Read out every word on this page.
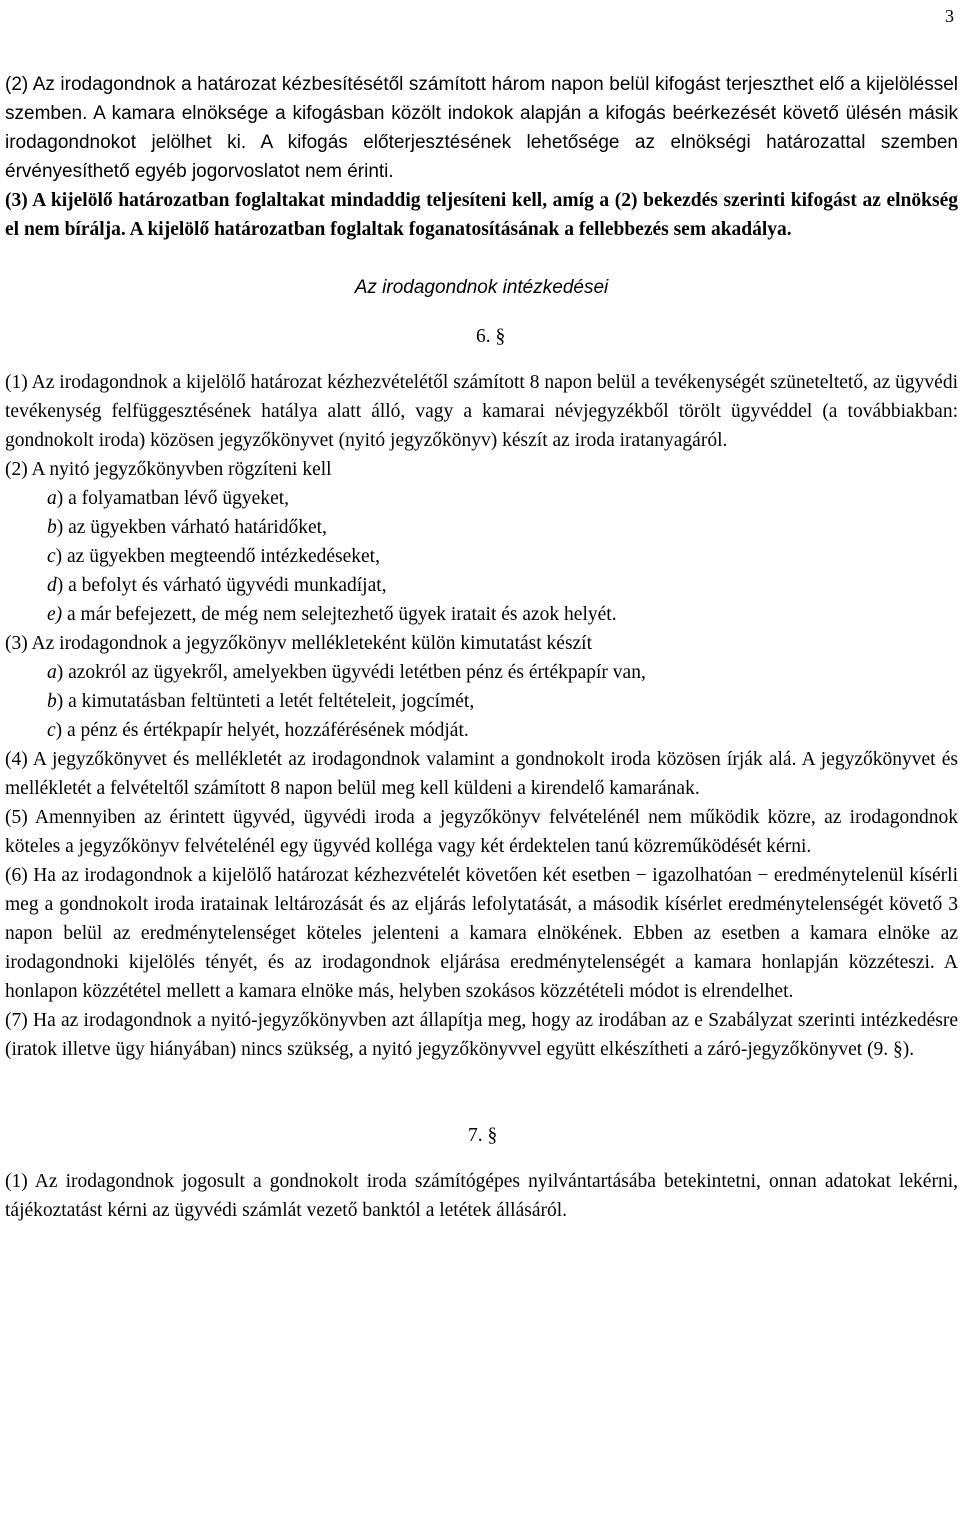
3

(2) Az irodagondnok a határozat kézbesítésétől számított három napon belül kifogást terjeszthet elő a kijelöléssel szemben. A kamara elnöksége a kifogásban közölt indokok alapján a kifogás beérkezését követő ülésén másik irodagondnokot jelölhet ki. A kifogás előterjesztésének lehetősége az elnökségi határozattal szemben érvényesíthető egyéb jogorvoslatot nem érinti.

(3) A kijelölő határozatban foglaltakat mindaddig teljesíteni kell, amíg a (2) bekezdés szerinti kifogást az elnökség el nem bírálja. A kijelölő határozatban foglaltak foganatosításának a fellebbezés sem akadálya.

Az irodagondnok intézkedései

6. §

(1) Az irodagondnok a kijelölő határozat kézhezvételétől számított 8 napon belül a tevékenységét szüneteltető, az ügyvédi tevékenység felfüggesztésének hatálya alatt álló, vagy a kamarai névjegyzékből törölt ügyvéddel (a továbbiakban: gondnokolt iroda) közösen jegyzőkönyvet (nyitó jegyzőkönyv) készít az iroda iratanyagáról.

(2) A nyitó jegyzőkönyvben rögzíteni kell

a) a folyamatban lévő ügyeket,

b) az ügyekben várható határidőket,

c) az ügyekben megteendő intézkedéseket,

d) a befolyt és várható ügyvédi munkadíjat,

e) a már befejezett, de még nem selejtezhető ügyek iratait és azok helyét.

(3) Az irodagondnok a jegyzőkönyv mellékleteként külön kimutatást készít

a) azokról az ügyekről, amelyekben ügyvédi letétben pénz és értékpapír van,

b) a kimutatásban feltünteti a letét feltételeit, jogcímét,

c) a pénz és értékpapír helyét, hozzáférésének módját.

(4) A jegyzőkönyvet és mellékletét az irodagondnok valamint a gondnokolt iroda közösen írják alá. A jegyzőkönyvet és mellékletét a felvételtől számított 8 napon belül meg kell küldeni a kirendelő kamarának.

(5) Amennyiben az érintett ügyvéd, ügyvédi iroda a jegyzőkönyv felvételénél nem működik közre, az irodagondnok köteles a jegyzőkönyv felvételénél egy ügyvéd kolléga vagy két érdektelen tanú közreműködését kérni.

(6) Ha az irodagondnok a kijelölő határozat kézhezvételét követően két esetben − igazolhatóan − eredménytelenül kísérli meg a gondnokolt iroda iratainak leltározását és az eljárás lefolytatását, a második kísérlet eredménytelenségét követő 3 napon belül az eredménytelenséget köteles jelenteni a kamara elnökének. Ebben az esetben a kamara elnöke az irodagondnoki kijelölés tényét, és az irodagondnok eljárása eredménytelenségét a kamara honlapján közzéteszi. A honlapon közzététel mellett a kamara elnöke más, helyben szokásos közzétételi módot is elrendelhet.

(7) Ha az irodagondnok a nyitó-jegyzőkönyvben azt állapítja meg, hogy az irodában az e Szabályzat szerinti intézkedésre (iratok illetve ügy hiányában) nincs szükség, a nyitó jegyzőkönyvvel együtt elkészítheti a záró-jegyzőkönyvet (9. §).

7. §

(1) Az irodagondnok jogosult a gondnokolt iroda számítógépes nyilvántartásába betekintetni, onnan adatokat lekérni, tájékoztatást kérni az ügyvédi számlát vezető banktól a letétek állásáról.
